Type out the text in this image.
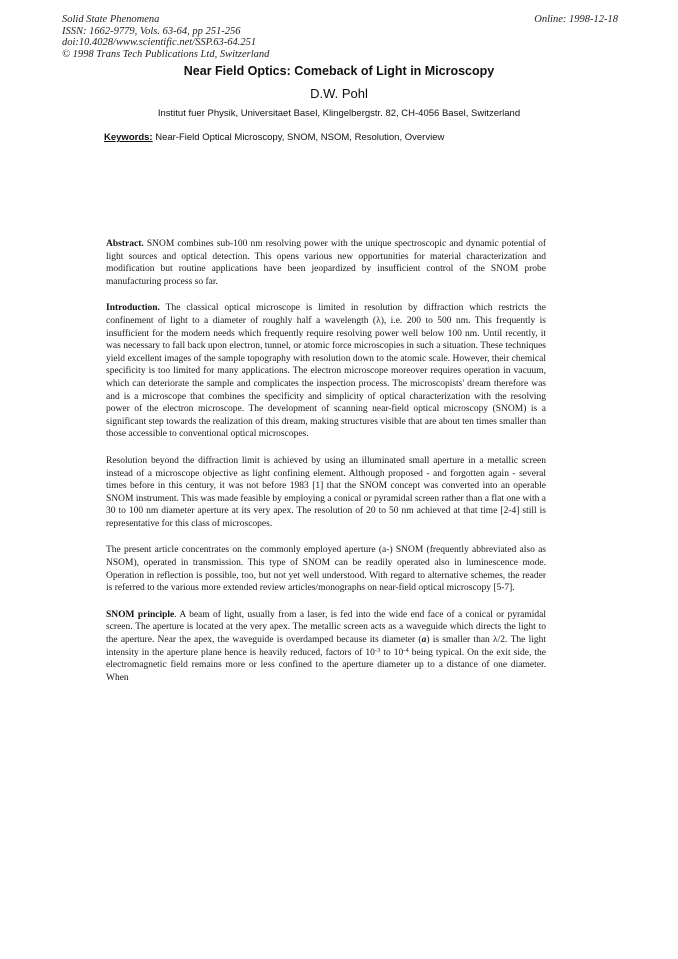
Solid State Phenomena
ISSN: 1662-9779, Vols. 63-64, pp 251-256
doi:10.4028/www.scientific.net/SSP.63-64.251
© 1998 Trans Tech Publications Ltd, Switzerland
Online: 1998-12-18
Near Field Optics: Comeback of Light in Microscopy
D.W. Pohl
Institut fuer Physik, Universitaet Basel, Klingelbergstr. 82, CH-4056 Basel, Switzerland
Keywords: Near-Field Optical Microscopy, SNOM, NSOM, Resolution, Overview

Abstract. SNOM combines sub-100 nm resolving power with the unique spectroscopic and dynamic potential of light sources and optical detection. This opens various new opportunities for material characterization and modification but routine applications have been jeopardized by insufficient control of the SNOM probe manufacturing process so far.

Introduction. The classical optical microscope is limited in resolution by diffraction which restricts the confinement of light to a diameter of roughly half a wavelength (λ), i.e. 200 to 500 nm. This frequently is insufficient for the modern needs which frequently require resolving power well below 100 nm. Until recently, it was necessary to fall back upon electron, tunnel, or atomic force microscopies in such a situation. These techniques yield excellent images of the sample topography with resolution down to the atomic scale. However, their chemical specificity is too limited for many applications. The electron microscope moreover requires operation in vacuum, which can deteriorate the sample and complicates the inspection process. The microscopists' dream therefore was and is a microscope that combines the specificity and simplicity of optical characterization with the resolving power of the electron microscope. The development of scanning near-field optical microscopy (SNOM) is a significant step towards the realization of this dream, making structures visible that are about ten times smaller than those accessible to conventional optical microscopes.

Resolution beyond the diffraction limit is achieved by using an illuminated small aperture in a metallic screen instead of a microscope objective as light confining element. Although proposed - and forgotten again - several times before in this century, it was not before 1983 [1] that the SNOM concept was converted into an operable SNOM instrument. This was made feasible by employing a conical or pyramidal screen rather than a flat one with a 30 to 100 nm diameter aperture at its very apex. The resolution of 20 to 50 nm achieved at that time [2-4] still is representative for this class of microscopes.

The present article concentrates on the commonly employed aperture (a-) SNOM (frequently abbreviated also as NSOM), operated in transmission. This type of SNOM can be readily operated also in luminescence mode. Operation in reflection is possible, too, but not yet well understood. With regard to alternative schemes, the reader is referred to the various more extended review articles/monographs on near-field optical microscopy [5-7].

SNOM principle. A beam of light, usually from a laser, is fed into the wide end face of a conical or pyramidal screen. The aperture is located at the very apex. The metallic screen acts as a waveguide which directs the light to the aperture. Near the apex, the waveguide is overdamped because its diameter (a) is smaller than λ/2. The light intensity in the aperture plane hence is heavily reduced, factors of $10^{-3}$ to $10^{-4}$ being typical. On the exit side, the electromagnetic field remains more or less confined to the aperture diameter up to a distance of one diameter. When
